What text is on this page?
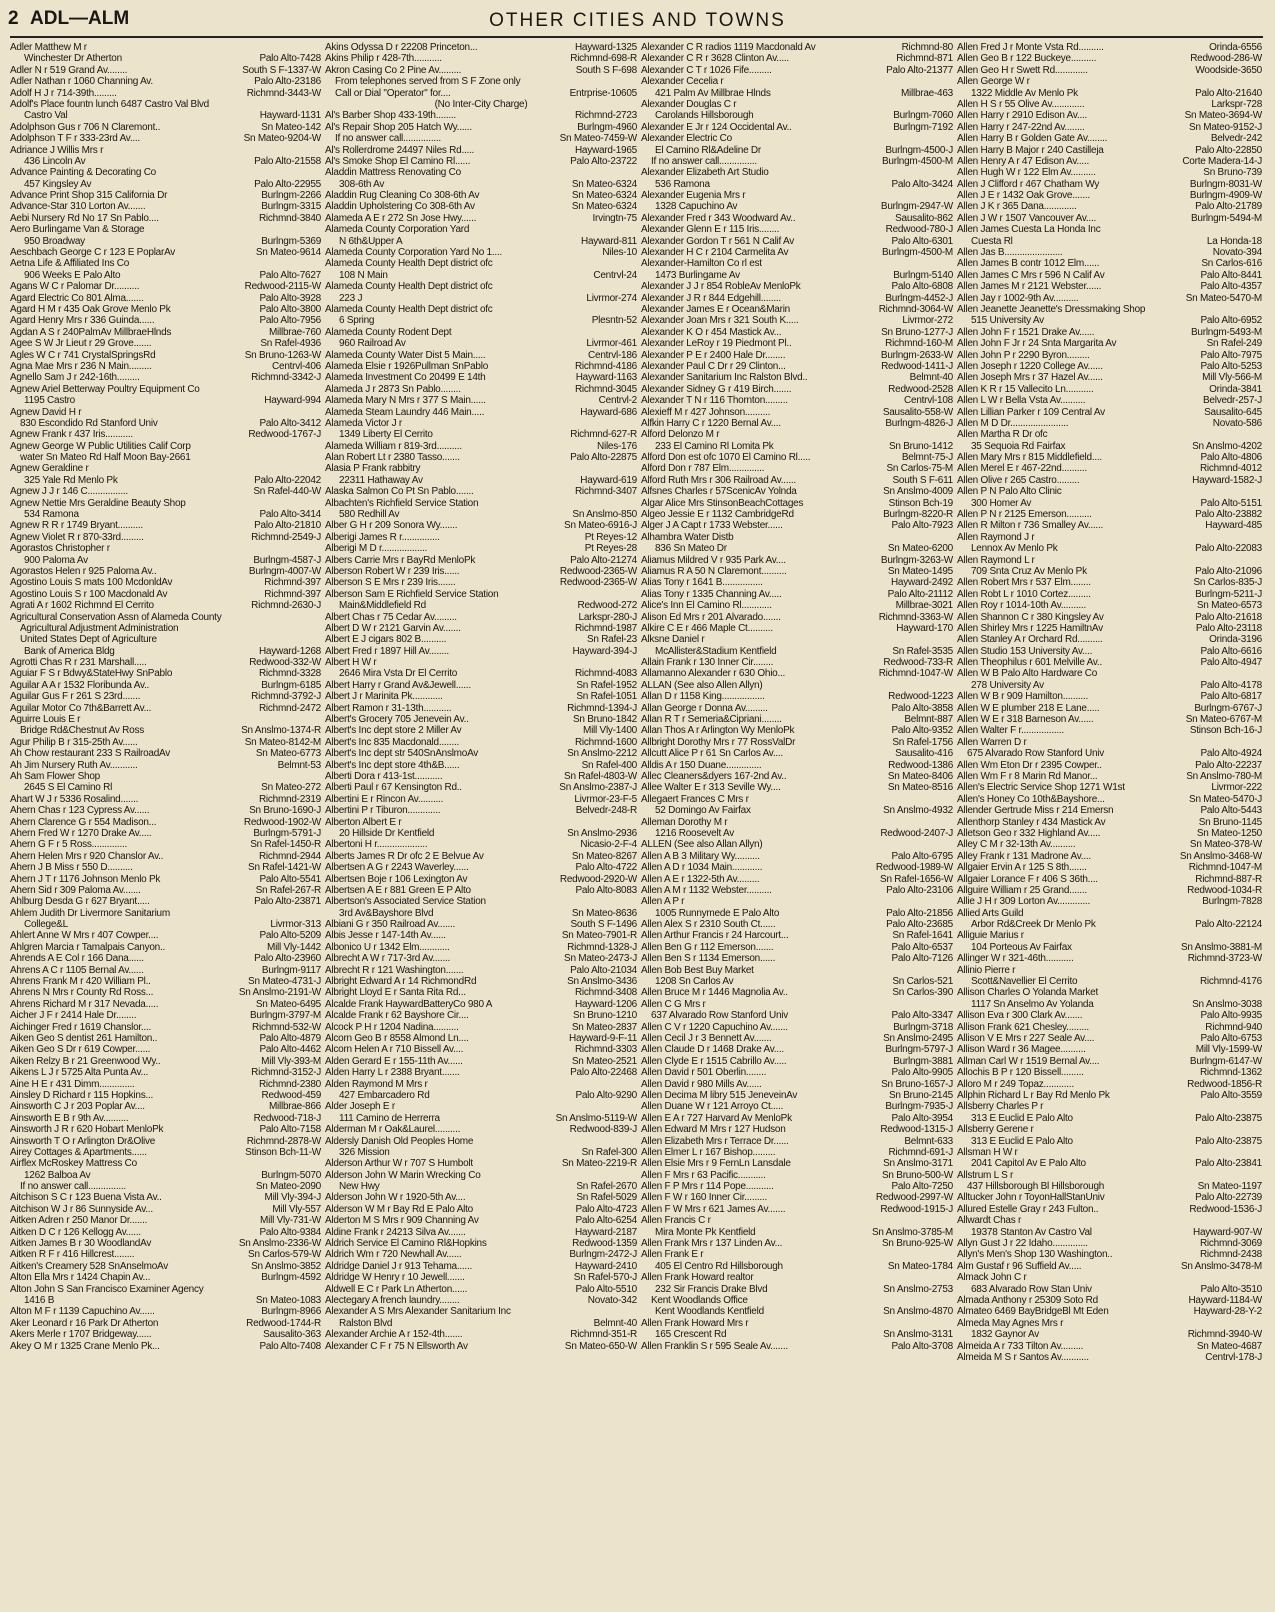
2 ADL—ALM	OTHER CITIES AND TOWNS
Adler Matthew M r
Winchester Dr Atherton	Palo Alto-7428
Adler N r 519 Grand Av........	South S F-1337-W
Adler Nathan r 1060 Channing Av.	Palo Alto-23186
Adolf H J r 714-39th.........	Richmnd-3443-W
Adolf's Place fountn lunch 6487 Castro Val Blvd
Castro Val	Hayward-1131
Adolphson Gus r 706 N Claremont..	Sn Mateo-142
Adolphson T F r 333-23rd Av....	Sn Mateo-9204-W
Adriance J Willis Mrs r
436 Lincoln Av	Palo Alto-21558
Advance Painting & Decorating Co
457 Kingsley Av	Palo Alto-22955
Advance Print Shop 315 California Dr	Burlngm-2266
Advance-Star 310 Lorton Av.......	Burlngm-3315
Aebi Nursery Rd No 17 Sn Pablo....	Richmnd-3840
Aero Burlingame Van & Storage
950 Broadway	Burlngm-5369
Aeschbach George C r 123 E PoplarAv	Sn Mateo-9614
Aetna Life & Affiliated Ins Co
906 Weeks E Palo Alto	Palo Alto-7627
Agans W C r Palomar Dr..........	Redwood-2115-W
Agard Electric Co 801 Alma.......	Palo Alto-3928
Agard H M r 435 Oak Grove Menlo Pk	Palo Alto-3800
Agard Henry Mrs r 336 Guinda......	Palo Alto-7956
Agdan A S r 240PalmAv MillbraeHlnds	Millbrae-760
Agee S W Jr Lieut r 29 Grove.......	Sn Rafel-4936
Agles W C r 741 CrystalSpringsRd	Sn Bruno-1263-W
Agna Mae Mrs r 236 N Main.........	Centrvl-406
Agnello Sam J r 242-16th.........	Richmnd-3342-J
Agnew Ariel Betterway Poultry Equipment Co
1195 Castro	Hayward-994
Agnew David H r
830 Escondido Rd Stanford Univ	Palo Alto-3412
Agnew Frank r 437 Iris...........	Redwood-1767-J
Agnew George W Public Utilities Calif Corp
water Sn Mateo Rd Half Moon Bay-2661
Agnew Geraldine r
325 Yale Rd Menlo Pk	Palo Alto-22042
Agnew J J r 146 C................	Sn Rafel-440-W
Agnew Nettie Mrs Geraldine Beauty Shop
534 Ramona	Palo Alto-3414
Agnew R R r 1749 Bryant..........	Palo Alto-21810
Agnew Violet R r 870-33rd.........	Richmnd-2549-J
Agorastos Christopher r
900 Paloma Av	Burlngm-4587-J
Agorastos Helen r 925 Paloma Av..	Burlngm-4007-W
Agostino Louis S mats 100 McdonldAv	Richmnd-397
Agostino Louis S r 100 Macdonald Av	Richmnd-397
Agrati A r 1602 Richmnd El Cerrito	Richmnd-2630-J
Agricultural Conservation Assn of Alameda County
Agricultural Adjustment Administration
United States Dept of Agriculture
Bank of America Bldg	Hayward-1268
Agrotti Chas R r 231 Marshall.....	Redwood-332-W
Aguiar F S r Bdwy&StateHwy SnPablo	Richmnd-3328
Aguilar A A r 1532 Floribunda Av..	Burlngm-6185
Aguilar Gus F r 261 S 23rd.......	Richmnd-3792-J
Aguilar Motor Co 7th&Barrett Av...	Richmnd-2472
Aguirre Louis E r
Bridge Rd&Chestnut Av Ross	Sn Anslmo-1374-R
Agur Philip B r 315-25th Av......	Sn Mateo-8142-M
Ah Chow restaurant 233 S RailroadAv	Sn Mateo-6773
Ah Jim Nursery Ruth Av...........	Belmnt-53
Ah Sam Flower Shop
2645 S El Camino Rl	Sn Mateo-272
Ahart W J r 5336 Rosalind.......	Richmnd-2319
Ahern Chas r 123 Cypress Av......	Sn Bruno-1690-J
Ahern Clarence G r 554 Madison...	Redwood-1902-W
Ahern Fred W r 1270 Drake Av.....	Burlngm-5791-J
Ahern G F r 5 Ross..............	Sn Rafel-1450-R
Ahern Helen Mrs r 920 Chanslor Av..	Richmnd-2944
Ahern J B Miss r 550 D..........	Sn Rafel-1421-W
Ahern J T r 1176 Johnson Menlo Pk	Palo Alto-5541
Ahern Sid r 309 Paloma Av.......	Sn Rafel-267-R
Ahlburg Desda G r 627 Bryant.....	Palo Alto-23871
Ahlem Judith Dr Livermore Sanitarium
College&L	Livrmor-313
Ahlert Anne W Mrs r 407 Cowper....	Palo Alto-5209
Ahlgren Marcia r Tamalpais Canyon..	Mill Vly-1442
Ahrends A E Col r 166 Dana......	Palo Alto-23960
Ahrens A C r 1105 Bernal Av......	Burlngm-9117
Ahrens Frank M r 420 William Pl..	Sn Mateo-4731-J
Ahrens N Mrs r County Rd Ross...	Sn Anslmo-2191-W
Ahrens Richard M r 317 Nevada.....	Sn Mateo-6495
Aicher J F r 2414 Hale Dr........	Burlngm-3797-M
Aichinger Fred r 1619 Chanslor....	Richmnd-532-W
Aiken Geo S dentist 261 Hamilton..	Palo Alto-4879
Aiken Geo S Dr r 619 Cowper......	Palo Alto-4462
Aiken Relzy B r 21 Greenwood Wy..	Mill Vly-393-M
Aikens L J r 5725 Alta Punta Av...	Richmnd-3152-J
Aine H E r 431 Dimm..............	Richmnd-2380
Ainsley D Richard r 115 Hopkins...	Redwood-459
Ainsworth C J r 203 Poplar Av....	Millbrae-866
Ainsworth E B r 9th Av..........	Redwood-718-J
Ainsworth J R r 620 Hobart MenloPk	Palo Alto-7158
Ainsworth T O r Arlington Dr&Olive	Richmnd-2878-W
Airey Cottages & Apartments......	Stinson Bch-11-W
Airflex McRoskey Mattress Co
1262 Balboa Av	Burlngm-5070
If no answer call...............	Sn Mateo-2090
Aitchison S C r 123 Buena Vista Av..	Mill Vly-394-J
Aitchison W J r 86 Sunnyside Av...	Mill Vly-557
Aitken Adren r 250 Manor Dr.......	Mill Vly-731-W
Aitken D C r 126 Kellogg Av......	Palo Alto-9384
Aitken James B r 30 WoodlandAv	Sn Anslmo-2336-W
Aitken R F r 416 Hillcrest........	Sn Carlos-579-W
Aitken's Creamery 528 SnAnselmoAv	Sn Anslmo-3852
Alton Ella Mrs r 1424 Chapin Av...	Burlngm-4592
Alton John S San Francisco Examiner Agency
1416 B	Sn Mateo-1083
Alton M F r 1139 Capuchino Av......	Burlngm-8966
Aker Leonard r 16 Park Dr Atherton	Redwood-1744-R
Akers Merle r 1707 Bridgeway......	Sausalito-363
Akey O M r 1325 Crane Menlo Pk...	Palo Alto-7408
Akins Odyssa D r 22208 Princeton...	Hayward-1325
Akins Philip r 428-7th...........	Richmnd-698-R
Akron Casing Co 2 Pine Av.........	South S F-698
From telephones served from S F Zone only
Call or Dial "Operator" for....	Entrprise-10605
(No Inter-City Charge)
Al's Barber Shop 433-19th........	Richmnd-2723
Al's Repair Shop 205 Hatch Wy......	Burlngm-4960
If no answer call...............	Sn Mateo-7459-W
Al's Rollerdrome 24497 Niles Rd.....	Hayward-1965
Al's Smoke Shop El Camino Rl......	Palo Alto-23722
Aladdin Mattress Renovating Co
308-6th Av	Sn Mateo-6324
Aladdin Rug Cleaning Co 308-6th Av	Sn Mateo-6324
Aladdin Upholstering Co 308-6th Av	Sn Mateo-6324
Alameda A E r 272 Sn Jose Hwy......	Irvingtn-75
Alameda County Corporation Yard
N 6th&Upper A	Hayward-811
Alameda County Corporation Yard No 1....	Niles-10
Alameda County Health Dept district ofc
108 N Main	Centrvl-24
Alameda County Health Dept district ofc
223 J	Livrmor-274
Alameda County Health Dept district ofc
6 Spring	Plesntn-52
Alameda County Rodent Dept
960 Railroad Av	Livrmor-461
Alameda County Water Dist 5 Main.....	Centrvl-186
Alameda Elsie r 1926Pullman SnPablo	Richmnd-4186
Alameda Investment Co 20499 E 14th	Hayward-1163
Alameda J r 2873 Sn Pablo........	Richmnd-3045
Alameda Mary N Mrs r 377 S Main......	Centrvl-2
Alameda Steam Laundry 446 Main.....	Hayward-686
Alameda Victor J r
1349 Liberty El Cerrito	Richmnd-627-R
Alameda William r 819-3rd..........	Niles-176
Alan Robert Lt r 2380 Tasso.......	Palo Alto-22875
Alasia P Frank rabbitry
22311 Hathaway Av	Hayward-619
Alaska Salmon Co Pt Sn Pablo.......	Richmnd-3407
Albachten's Richfield Service Station
580 Redhill Av	Sn Anslmo-850
Alber G H r 209 Sonora Wy.......	Sn Mateo-6916-J
Alberigi James R r...............	Pt Reyes-12
Alberigi M D r..................	Pt Reyes-28
Albers Carrie Mrs r BayRd MenloPk	Palo Alto-21274
Alberson Robert W r 239 Iris......	Redwood-2365-W
Alberson S E Mrs r 239 Iris.......	Redwood-2365-W
Alberson Sam E Richfield Service Station
Main&Middlefield Rd	Redwood-272
Albert Chas r 75 Cedar Av.........	Larkspr-280-J
Albert D W r 2121 Garvin Av.......	Richmnd-1987
Albert E J cigars 802 B..........	Sn Rafel-23
Albert Fred r 1897 Hill Av........	Hayward-394-J
Albert H W r
2646 Mira Vsta Dr El Cerrito	Richmnd-4083
Albert Harry r Grand Av&Jewell......	Sn Rafel-1952
Albert J r Marinita Pk............	Sn Rafel-1051
Albert Ramon r 31-13th...........	Richmnd-1394-J
Albert's Grocery 705 Jenevein Av..	Sn Bruno-1842
Albert's Inc dept store 2 Miller Av	Mill Vly-1400
Albert's Inc 835 Macdonald........	Richmnd-1600
Albert's Inc dept str 540SnAnslmoAv	Sn Anslmo-2212
Albert's Inc dept store 4th&B......	Sn Rafel-400
Alberti Dora r 413-1st...........	Sn Rafel-4803-W
Alberti Paul r 67 Kensington Rd..	Sn Anslmo-2387-J
Albertini E r Rincon Av..........	Livrmor-23-F-5
Albertini P r Tiburon.............	Belvedr-248-R
Alberton Albert E r
20 Hillside Dr Kentfield	Sn Anslmo-2936
Albertoni H r....................	Nicasio-2-F-4
Alberts James R Dr ofc 2 E Belvue Av	Sn Mateo-8267
Albertsen A G r 2243 Waverley......	Palo Alto-4722
Albertsen Boje r 106 Lexington Av	Redwood-2920-W
Albertsen A E r 881 Green E P Alto	Palo Alto-8083
Albertson's Associated Service Station
3rd Av&Bayshore Blvd	Sn Mateo-8636
Albiani G r 350 Railroad Av.......	South S F-1496
Albis Jesse r 147-14th Av......	Sn Mateo-7901-R
Albonico U r 1342 Elm............	Richmnd-1328-J
Albrecht A W r 717-3rd Av.......	Sn Mateo-2473-J
Albrecht R r 121 Washington.......	Palo Alto-21034
Albright Edward A r 14 RichmondRd	Sn Anslmo-3436
Albright Lloyd E r Santa Rita Rd...	Richmnd-3408
Alcalde Frank HaywardBatteryCo 980 A	Hayward-1206
Alcalde Frank r 62 Bayshore Cir....	Sn Bruno-1210
Alcock P H r 1204 Nadina..........	Sn Mateo-2837
Alcorn Geo B r 8558 Almond Ln....	Hayward-9-F-11
Alcorn Helen A r 710 Bissell Av....	Richmnd-3303
Alden Gerard E r 155-11th Av......	Sn Mateo-2521
Alden Harry L r 2388 Bryant.......	Palo Alto-22468
Alden Raymond M Mrs r
427 Embarcadero Rd	Palo Alto-9290
Alder Joseph E r
111 Camino de Herrerra	Sn Anslmo-5119-W
Alderman M r Oak&Laurel..........	Redwood-839-J
Aldersly Danish Old Peoples Home
326 Mission	Sn Rafel-300
Alderson Arthur W r 707 S Humbolt	Sn Mateo-2219-R
Alderson John W Marin Wrecking Co
New Hwy	Sn Rafel-2670
Alderson John W r 1920-5th Av....	Sn Rafel-5029
Alderson W M r Bay Rd E Palo Alto	Palo Alto-4723
Alderton M S Mrs r 909 Channing Av	Palo Alto-6254
Aldine Frank r 24213 Silva Av.......	Hayward-2187
Aldrich Service El Camino Rl&Hopkins	Redwood-1359
Aldrich Wm r 720 Newhall Av......	Burlngm-2472-J
Aldridge Daniel J r 913 Tehama......	Hayward-2410
Aldridge W Henry r 10 Jewell.......	Sn Rafel-570-J
Aldwell E C r Park Ln Atherton......	Palo Alto-5510
Alectegary A french laundry........	Novato-342
Alexander A S Mrs Alexander Sanitarium Inc
Ralston Blvd	Belmnt-40
Alexander Archie A r 152-4th.......	Richmnd-351-R
Alexander C F r 75 N Ellsworth Av	Sn Mateo-650-W
Alexander C R radios 1119 Macdonald Av	Richmnd-80
Alexander C R r 3628 Clinton Av.....	Richmnd-871
Alexander C T r 1026 Fife.........	Palo Alto-21377
Alexander Cecelia r
421 Palm Av Millbrae Hlnds	Millbrae-463
Alexander Douglas C r
Carolands Hillsborough	Burlngm-7060
Alexander E Jr r 124 Occidental Av..	Burlngm-7192
Alexander Electric Co
El Camino Rl&Adeline Dr	Burlngm-4500-J
If no answer call...............	Burlngm-4500-M
Alexander Elizabeth Art Studio
536 Ramona	Palo Alto-3424
Alexander Eugenia Mrs r
1328 Capuchino Av	Burlngm-2947-W
Alexander Fred r 343 Woodward Av..	Sausalito-862
Alexander Glenn E r 115 Iris........	Redwood-780-J
Alexander Gordon T r 561 N Calif Av	Palo Alto-6301
Alexander H C r 2104 Carmelita Av	Burlngm-4500-M
Alexander-Hamilton Co rl est
1473 Burlingame Av	Burlngm-5140
Alexander J J r 854 RobleAv MenloPk	Palo Alto-6808
Alexander J R r 844 Edgehill........	Burlngm-4452-J
Alexander James E r Ocean&Marin	Richmnd-3064-W
Alexander Joan Mrs r 321 South K.....	Livrmor-272
Alexander K O r 454 Mastick Av...	Sn Bruno-1277-J
Alexander LeRoy r 19 Piedmont Pl..	Richmnd-160-M
Alexander P E r 2400 Hale Dr........	Burlngm-2633-W
Alexander Paul C Dr r 29 Clinton...	Redwood-1411-J
Alexander Sanitarium Inc Ralston Blvd..	Belmnt-40
Alexander Sidney G r 419 Birch.......	Redwood-2528
Alexander T N r 116 Thornton.........	Centrvl-108
Alexieff M r 427 Johnson..........	Sausalito-558-W
Alfkin Harry C r 1220 Bernal Av....	Burlngm-4826-J
Alford Delonzo M r
233 El Camino Rl Lomita Pk	Sn Bruno-1412
Alford Don est ofc 1070 El Camino Rl.....	Belmnt-75-J
Alford Don r 787 Elm..............	Sn Carlos-75-M
Alford Ruth Mrs r 306 Railroad Av......	South S F-611
Alfsnes Charles r 57ScenicAv Yolnda	Sn Anslmo-4009
Algar Alice Mrs StinsonBeachCottages	Stinson Bch-19
Algeo Jessie E r 1132 CambridgeRd	Burlngm-8220-R
Alger J A Capt r 1733 Webster......	Palo Alto-7923
Alhambra Water Distb
836 Sn Mateo Dr	Sn Mateo-6200
Aliamus Mildred V r 935 Park Av....	Burlngm-3263-W
Aliamus R A 50 N Claremont..........	Sn Mateo-1495
Alias Tony r 1641 B................	Hayward-2492
Alias Tony r 1335 Channing Av.....	Palo Alto-21112
Alice's Inn El Camino Rl............	Millbrae-3021
Alison Ed Mrs r 201 Alvarado.......	Richmnd-3363-W
Alkire C E r 466 Maple Ct..........	Hayward-170
Alksne Daniel r
McAllister&Stadium Kentfield	Sn Rafel-3535
Allain Frank r 130 Inner Cir........	Redwood-733-R
Allamanno Alexander r 630 Ohio...	Richmnd-1047-W
ALLAN (See also Allen Allyn)
Allan D r 1158 King.................	Redwood-1223
Allan George r Donna Av.........	Palo Alto-3858
Allan R T r Semeria&Cipriani........	Belmnt-887
Allan Thos A r Arlington Wy MenloPk	Palo Alto-9352
Allbright Dorothy Mrs r 77 RossValDr	Sn Rafel-1756
Allcutt Alice P r 61 Sn Carlos Av....	Sausalito-416
Alldis A r 150 Duane..............	Redwood-1386
Allec Cleaners&dyers 167-2nd Av..	Sn Mateo-8406
Allee Walter E r 313 Seville Wy....	Sn Mateo-8516
Allegaert Frances C Mrs r
52 Domingo Av Fairfax	Sn Anslmo-4932
Alleman Dorothy M r
1216 Roosevelt Av	Redwood-2407-J
ALLEN (See also Allan Allyn)
Allen A B 3 Military Wy..........	Palo Alto-6795
Allen A D r 1034 Main............	Redwood-1989-W
Allen A E r 1322-5th Av.........	Sn Rafel-1656-W
Allen A M r 1132 Webster..........	Palo Alto-23106
Allen A P r
1005 Runnymede E Palo Alto	Palo Alto-21856
Allen Alex S r 2310 South Ct......	Palo Alto-23685
Allen Arthur Francis r 24 Harcourt...	Sn Rafel-1641
Allen Ben G r 112 Emerson.......	Palo Alto-6537
Allen Ben S r 1134 Emerson......	Palo Alto-7126
Allen Bob Best Buy Market
1208 Sn Carlos Av	Sn Carlos-521
Allen Bruce M r 1446 Magnolia Av..	Sn Carlos-390
Allen C G Mrs r
637 Alvarado Row Stanford Univ	Palo Alto-3347
Allen C V r 1220 Capuchino Av.......	Burlngm-3718
Allen Cecil J r 3 Bennett Av.......	Sn Anslmo-2495
Allen Claude D r 1468 Drake Av....	Burlngm-5797-J
Allen Clyde E r 1515 Cabrillo Av.....	Burlngm-3881
Allen David r 501 Oberlin........	Palo Alto-9905
Allen David r 980 Mills Av......	Sn Bruno-1657-J
Allen Decima M libry 515 JeneveinAv	Sn Bruno-2145
Allen Duane W r 121 Arroyo Ct.....	Burlngm-7935-J
Allen E A r 727 Harvard Av MenloPk	Palo Alto-3954
Allen Edward M Mrs r 127 Hudson	Redwood-1315-J
Allen Elizabeth Mrs r Terrace Dr......	Belmnt-633
Allen Elmer L r 167 Bishop.........	Richmnd-691-J
Allen Elsie Mrs r 9 FernLn Lansdale	Sn Anslmo-3171
Allen F Mrs r 63 Pacific...........	Sn Bruno-500-W
Allen F P Mrs r 114 Pope...........	Palo Alto-7250
Allen F W r 160 Inner Cir.........	Redwood-2997-W
Allen F W Mrs r 621 James Av.......	Redwood-1915-J
Allen Francis C r
Mira Monte Pk Kentfield	Sn Anslmo-3785-M
Allen Frank Mrs r 137 Linden Av...	Sn Bruno-925-W
Allen Frank E r
405 El Centro Rd Hillsborough	Sn Mateo-1784
Allen Frank Howard realtor
232 Sir Francis Drake Blvd	Sn Anslmo-2753
Kent Woodlands Office
Kent Woodlands Kentfield	Sn Anslmo-4870
Allen Frank Howard Mrs r
165 Crescent Rd	Sn Anslmo-3131
Allen Franklin S r 595 Seale Av.......	Palo Alto-3708
Allen Fred J r Monte Vsta Rd..........	Orinda-6556
Allen Geo B r 122 Buckeye..........	Redwood-286-W
Allen Geo H r Swett Rd.............	Woodside-3650
Allen George W r
1322 Middle Av Menlo Pk	Palo Alto-21640
Allen H S r 55 Olive Av.............	Larkspr-728
Allen Harry r 2910 Edison Av....	Sn Mateo-3694-W
Allen Harry r 247-22nd Av........	Sn Mateo-9152-J
Allen Harry B r Golden Gate Av........	Belvedr-242
Allen Harry B Major r 240 Castilleja	Palo Alto-22850
Allen Henry A r 47 Edison Av.....	Corte Madera-14-J
Allen Hugh W r 122 Elm Av..........	Sn Bruno-739
Allen J Clifford r 467 Chatham Wy	Burlngm-8031-W
Allen J E r 1432 Oak Grove.......	Burlngm-4909-W
Allen J K r 365 Dana.............	Palo Alto-21789
Allen J W r 1507 Vancouver Av....	Burlngm-5494-M
Allen James Cuesta La Honda Inc
Cuesta Rl	La Honda-18
Allen Jas B.......................	Novato-394
Allen James B contr 1012 Elm......	Sn Carlos-616
Allen James C Mrs r 596 N Calif Av	Palo Alto-8441
Allen James M r 2121 Webster......	Palo Alto-4357
Allen Jay r 1002-9th Av..........	Sn Mateo-5470-M
Allen Jeanette Jeanette's Dressmaking Shop
515 University Av	Palo Alto-6952
Allen John F r 1521 Drake Av......	Burlngm-5493-M
Allen John F Jr r 24 Snta Margarita Av	Sn Rafel-249
Allen John P r 2290 Byron.........	Palo Alto-7975
Allen Joseph r 1220 College Av......	Palo Alto-5253
Allen Joseph Mrs r 37 Hazel Av......	Mill Vly-566-M
Allen K R r 15 Vallecito Ln...........	Orinda-3841
Allen L W r Bella Vsta Av..........	Belvedr-257-J
Allen Lillian Parker r 109 Central Av	Sausalito-645
Allen M D Dr.......................	Novato-586
Allen Martha R Dr ofc
35 Sequoia Rd Fairfax	Sn Anslmo-4202
Allen Mary Mrs r 815 Middlefield....	Palo Alto-4806
Allen Merel E r 467-22nd..........	Richmnd-4012
Allen Olive r 265 Castro.........	Hayward-1582-J
Allen P N Palo Alto Clinic
300 Homer Av	Palo Alto-5151
Allen P N r 2125 Emerson..........	Palo Alto-23882
Allen R Milton r 736 Smalley Av......	Hayward-485
Allen Raymond J r
Lennox Av Menlo Pk	Palo Alto-22083
Allen Raymond L r
709 Snta Cruz Av Menlo Pk	Palo Alto-21096
Allen Robert Mrs r 537 Elm........	Sn Carlos-835-J
Allen Robt L r 1010 Cortez.........	Burlngm-5211-J
Allen Roy r 1014-10th Av..........	Sn Mateo-6573
Allen Shannon C r 380 Kingsley Av	Palo Alto-21618
Allen Shirley Mrs r 1225 HamiltnAv	Palo Alto-23118
Allen Stanley A r Orchard Rd..........	Orinda-3196
Allen Studio 153 University Av....	Palo Alto-6616
Allen Theophilus r 601 Melville Av..	Palo Alto-4947
Allen W B Palo Alto Hardware Co
278 University Av	Palo Alto-4178
Allen W B r 909 Hamilton..........	Palo Alto-6817
Allen W E plumber 218 E Lane.....	Burlngm-6767-J
Allen W E r 318 Barneson Av......	Sn Mateo-6767-M
Allen Walter F r.................	Stinson Bch-16-J
Allen Warren D r
675 Alvarado Row Stanford Univ	Palo Alto-4924
Allen Wm Eton Dr r 2395 Cowper..	Palo Alto-22237
Allen Wm F r 8 Marin Rd Manor...	Sn Anslmo-780-M
Allen's Electric Service Shop 1271 W1st	Livrmor-222
Allen's Honey Co 10th&Bayshore...	Sn Mateo-5470-J
Allender Gertrude Miss r 214 Emersn	Palo Alto-5443
Allenthorp Stanley r 434 Mastick Av	Sn Bruno-1145
Alletson Geo r 332 Highland Av.....	Sn Mateo-1250
Alley C M r 32-13th Av..........	Sn Mateo-378-W
Alley Frank r 131 Madrone Av....	Sn Anslmo-3468-W
Allgaier Ervin A r 125 S 8th.......	Richmnd-1047-M
Allgaier Lorance F r 406 S 36th....	Richmnd-887-R
Allguire William r 25 Grand.......	Redwood-1034-R
Allie J H r 309 Lorton Av.............	Burlngm-7828
Allied Arts Guild
Arbor Rd&Creek Dr Menlo Pk	Palo Alto-22124
Alliguie Marius r
104 Porteous Av Fairfax	Sn Anslmo-3881-M
Allinger W r 321-46th...........	Richmnd-3723-W
Allinio Pierre r
Scott&Navellier El Cerrito	Richmnd-4176
Allison Charles O Yolanda Market
1117 Sn Anselmo Av Yolanda	Sn Anslmo-3038
Allison Eva r 300 Clark Av.......	Palo Alto-9935
Allison Frank 621 Chesley.........	Richmnd-940
Allison V E Mrs r 227 Seale Av....	Palo Alto-6753
Allison Ward r 36 Magee..........	Mill Vly-1599-W
Allman Carl W r 1519 Bernal Av....	Burlngm-6147-W
Allochis B P r 120 Bissell.........	Richmnd-1362
Alloro M r 249 Topaz............	Redwood-1856-R
Allphin Richard L r Bay Rd Menlo Pk	Palo Alto-3559
Allsberry Charles P r
313 E Euclid E Palo Alto	Palo Alto-23875
Allsberry Gerene r
313 E Euclid E Palo Alto	Palo Alto-23875
Allsman H W r
2041 Capitol Av E Palo Alto	Palo Alto-23841
Allstrum L S r
437 Hillsborough Bl Hillsborough	Sn Mateo-1197
Alltucker John r ToyonHallStanUniv	Palo Alto-22739
Allured Estelle Gray r 243 Fulton..	Redwood-1536-J
Allwardt Chas r
19378 Stanton Av Castro Val	Hayward-907-W
Allyn Gust J r 22 Idaho..............	Richmnd-3069
Allyn's Men's Shop 130 Washington..	Richmnd-2438
Alm Gustaf r 96 Suffield Av.....	Sn Anslmo-3478-M
Almack John C r
683 Alvarado Row Stan Univ	Palo Alto-3510
Almada Anthony r 25309 Soto Rd	Hayward-1184-W
Almateo 6469 BayBridgeBl Mt Eden	Hayward-28-Y-2
Almeda May Agnes Mrs r
1832 Gaynor Av	Richmnd-3940-W
Almeida A r 733 Tilton Av.........	Sn Mateo-4687
Almeida M S r Santos Av...........	Centrvl-178-J
